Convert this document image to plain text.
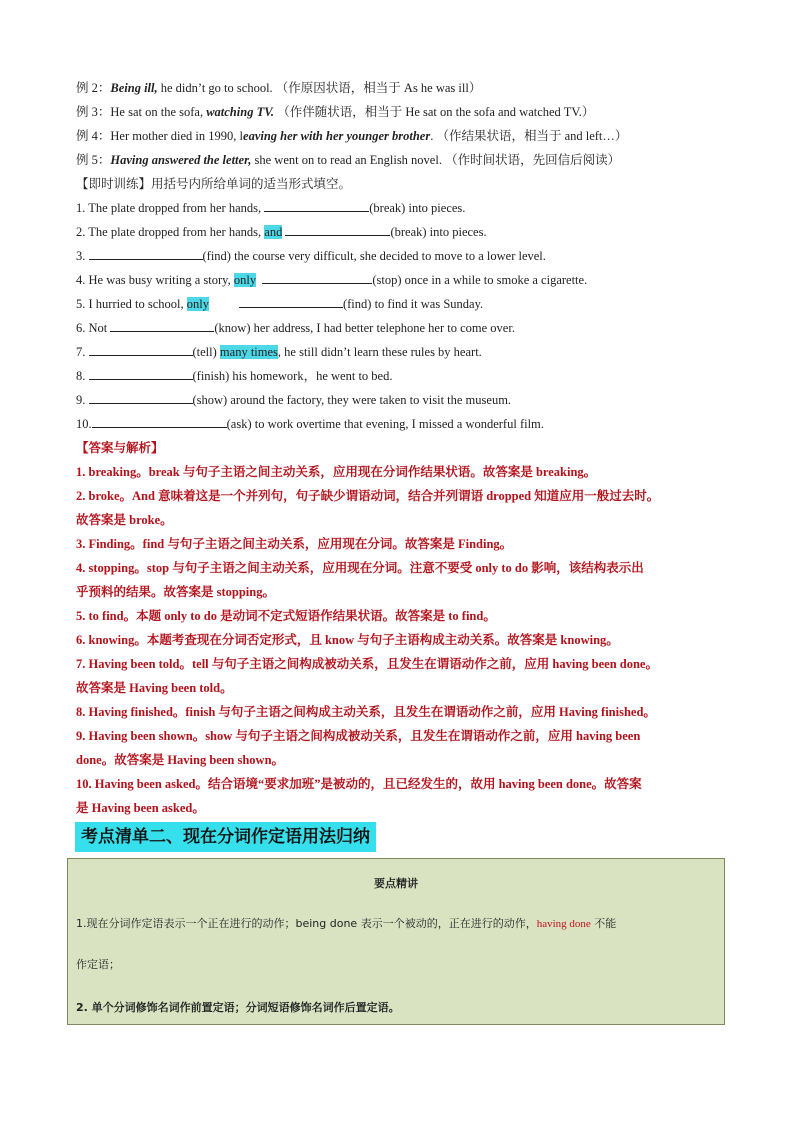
例 2：Being ill, he didn’t go to school. （作原因状语，相当于 As he was ill）
例 3：He sat on the sofa, watching TV. （作伴随状语，相当于 He sat on the sofa and watched TV.）
例 4：Her mother died in 1990, leaving her with her younger brother. （作结果状语，相当于 and left…）
例 5：Having answered the letter, she went on to read an English novel. （作时间状语，先回信后阅读）
【即时训练】用括号内所给单词的适当形式填空。
1. The plate dropped from her hands,	(break) into pieces.
2. The plate dropped from her hands, and	(break) into pieces.
3.	(find) the course very difficult, she decided to move to a lower level.
4. He was busy writing a story, only	(stop) once in a while to smoke a cigarette.
5. I hurried to school, only	(find) to find it was Sunday.
6. Not	(know) her address, I had better telephone her to come over.
7.	(tell) many times, he still didn’t learn these rules by heart.
8.	(finish) his homework，he went to bed.
9.	(show) around the factory, they were taken to visit the museum.
10.	(ask) to work overtime that evening, I missed a wonderful film.
【答案与解析】
1. breaking。break 与句子主语之间主动关系，应用现在分词作结果状语。故答案是 breaking。
2. broke。And 意味着这是一个并列句，句子缺少谓语动词，结合并列谓语 dropped 知道应用一般过去时。
故答案是 broke。
3. Finding。find 与句子主语之间主动关系，应用现在分词。故答案是 Finding。
4. stopping。stop 与句子主语之间主动关系，应用现在分词。注意不要受 only to do 影响，该结构表示出
乎预料的结果。故答案是 stopping。
5. to find。本题 only to do 是动词不定式短语作结果状语。故答案是 to find。
6. knowing。本题考查现在分词否定形式，且 know 与句子主语构成主动关系。故答案是 knowing。
7. Having been told。tell 与句子主语之间构成被动关系，且发生在谓语动作之前，应用 having been done。
故答案是 Having been told。
8. Having finished。finish 与句子主语之间构成主动关系，且发生在谓语动作之前，应用 Having finished。
9. Having been shown。show 与句子主语之间构成被动关系，且发生在谓语动作之前，应用 having been
done。故答案是 Having been shown。
10. Having been asked。结合语境“要求加班”是被动的，且已经发生的，故用 having been done。故答案
是 Having been asked。
考点清单二、现在分词作定语用法归纳
要点精讲
1.现在分词作定语表示一个正在进行的动作；being done 表示一个被动的，正在进行的动作，having done 不能
作定语；
2. 单个分词修饰名词作前置定语；分词短语修饰名词作后置定语。
